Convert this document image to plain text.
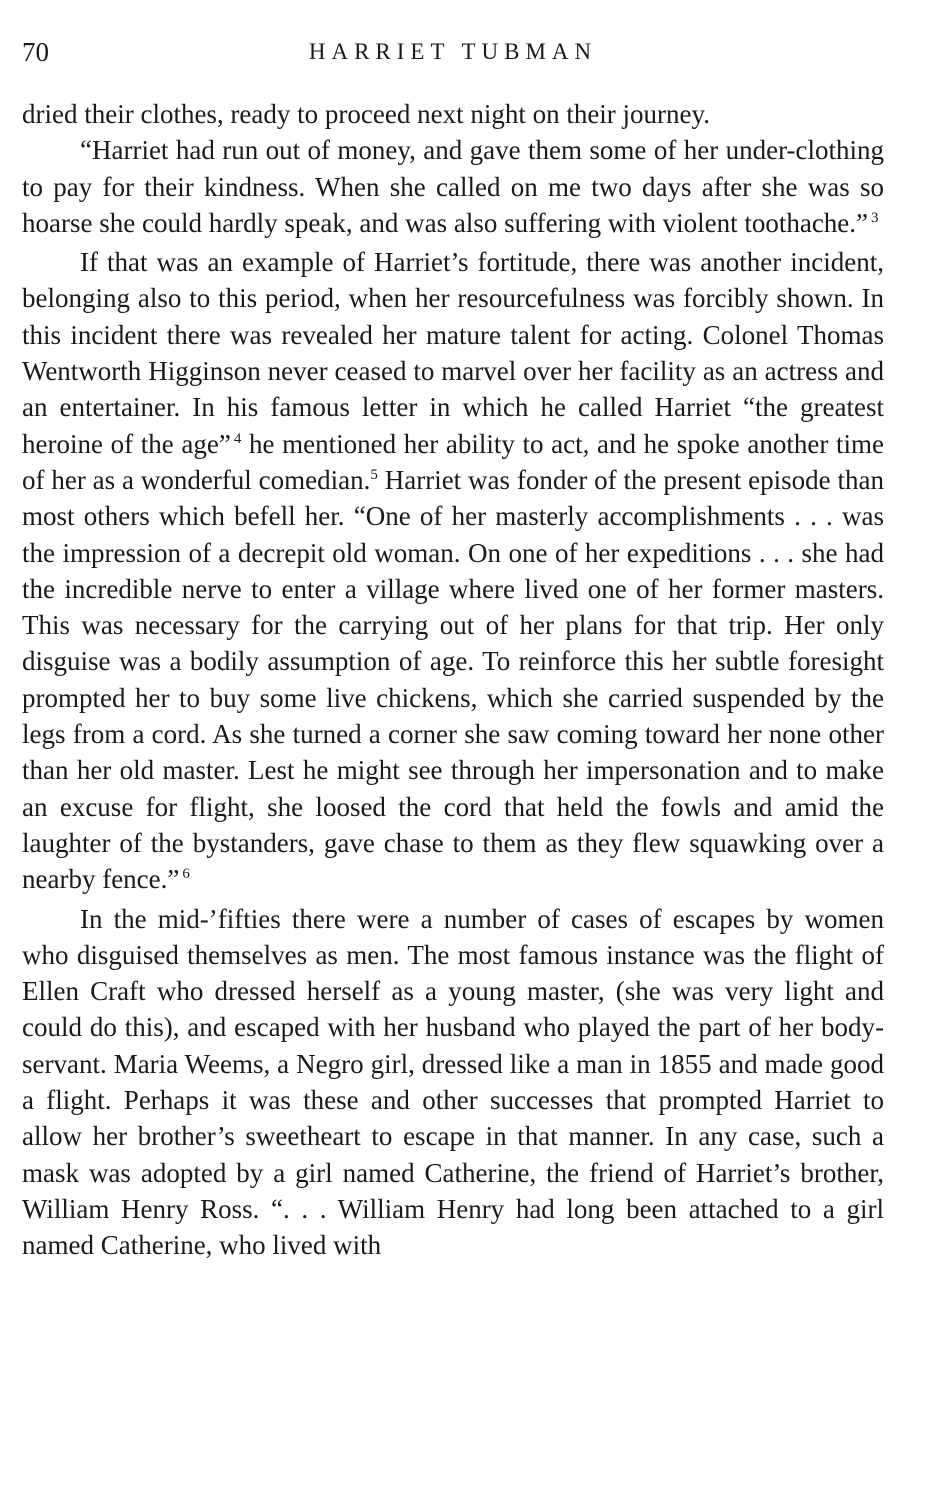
70	HARRIET TUBMAN

dried their clothes, ready to proceed next night on their journey.

“Harriet had run out of money, and gave them some of her under-clothing to pay for their kindness. When she called on me two days after she was so hoarse she could hardly speak, and was also suffering with violent toothache.”  $^3$

If that was an example of Harriet’s fortitude, there was another incident, belonging also to this period, when her resourcefulness was forcibly shown. In this incident there was revealed her mature talent for acting. Colonel Thomas Wentworth Higginson never ceased to marvel over her facility as an actress and an entertainer. In his famous letter in which he called Harriet “the greatest heroine of the age”  $^4$ he mentioned her ability to act, and he spoke another time of her as a wonderful comedian.$^5$ Harriet was fonder of the present episode than most others which befell her. “One of her masterly accomplishments . . . was the impression of a decrepit old woman. On one of her expeditions . . . she had the incredible nerve to enter a village where lived one of her former masters. This was necessary for the carrying out of her plans for that trip. Her only disguise was a bodily assumption of age. To reinforce this her subtle foresight prompted her to buy some live chickens, which she carried suspended by the legs from a cord. As she turned a corner she saw coming toward her none other than her old master. Lest he might see through her impersonation and to make an excuse for flight, she loosed the cord that held the fowls and amid the laughter of the bystanders, gave chase to them as they flew squawking over a nearby fence.”  $^6$

In the mid-’fifties there were a number of cases of escapes by women who disguised themselves as men. The most famous instance was the flight of Ellen Craft who dressed herself as a young master, (she was very light and could do this), and escaped with her husband who played the part of her body-servant. Maria Weems, a Negro girl, dressed like a man in 1855 and made good a flight. Perhaps it was these and other successes that prompted Harriet to allow her brother’s sweetheart to escape in that manner. In any case, such a mask was adopted by a girl named Catherine, the friend of Harriet’s brother, William Henry Ross. “. . . William Henry had long been attached to a girl named Catherine, who lived with
